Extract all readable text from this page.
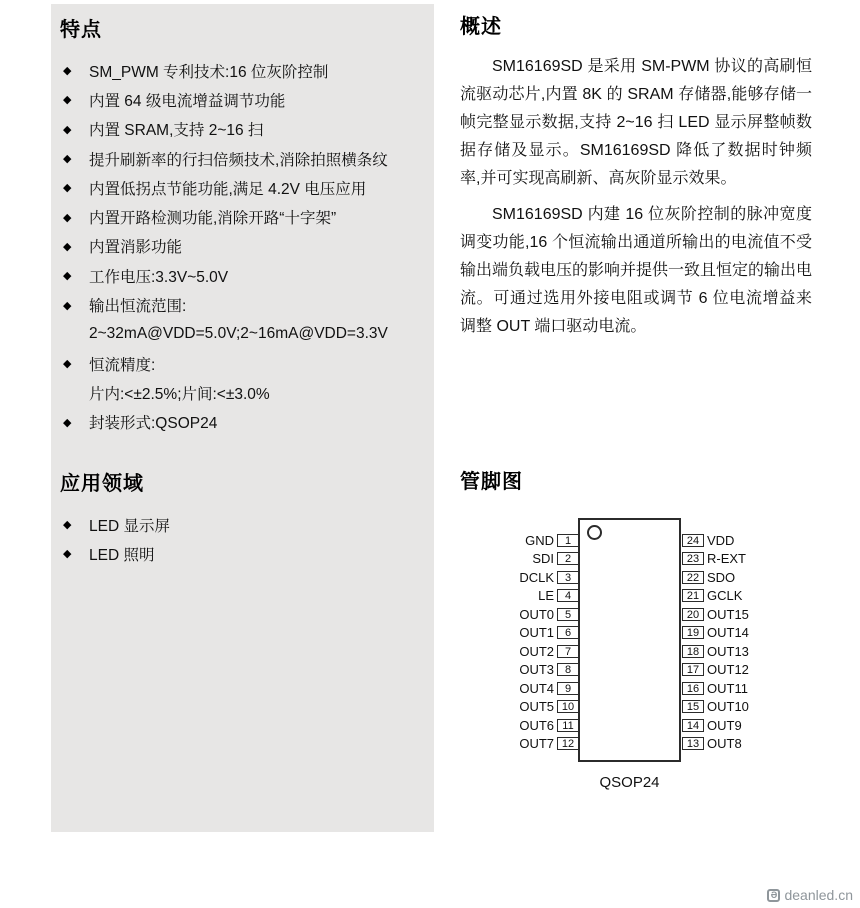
特点
◆	SM_PWM 专利技术:16 位灰阶控制
◆	内置 64 级电流增益调节功能
◆	内置 SRAM,支持 2~16 扫
◆	提升刷新率的行扫倍频技术,消除拍照横条纹
◆	内置低拐点节能功能,满足 4.2V 电压应用
◆	内置开路检测功能,消除开路“十字架”
◆	内置消影功能
◆	工作电压:3.3V~5.0V
◆	输出恒流范围:
2~32mA@VDD=5.0V;2~16mA@VDD=3.3V
◆	恒流精度:
片内:<±2.5%;片间:<±3.0%
◆	封装形式:QSOP24
应用领域
◆	LED 显示屏
◆	LED 照明
概述

SM16169SD 是采用 SM-PWM 协议的高刷恒流驱动芯片,内置 8K 的 SRAM 存储器,能够存储一帧完整显示数据,支持 2~16 扫 LED 显示屏整帧数据存储及显示。SM16169SD 降低了数据时钟频率,并可实现高刷新、高灰阶显示效果。

SM16169SD 内建 16 位灰阶控制的脉冲宽度调变功能,16 个恒流输出通道所输出的电流值不受输出端负载电压的影响并提供一致且恒定的输出电流。可通过选用外接电阻或调节 6 位电流增益来调整 OUT 端口驱动电流。

管脚图
GND 1
SDI 2
DCLK 3
LE 4
OUT0 5
OUT1 6
OUT2 7
OUT3 8
OUT4 9
OUT5 10
OUT6 11
OUT7 12
24 VDD
23 R-EXT
22 SDO
21 GCLK
20 OUT15
19 OUT14
18 OUT13
17 OUT12
16 OUT11
15 OUT10
14 OUT9
13 OUT8
QSOP24
Ə deanled.cn
